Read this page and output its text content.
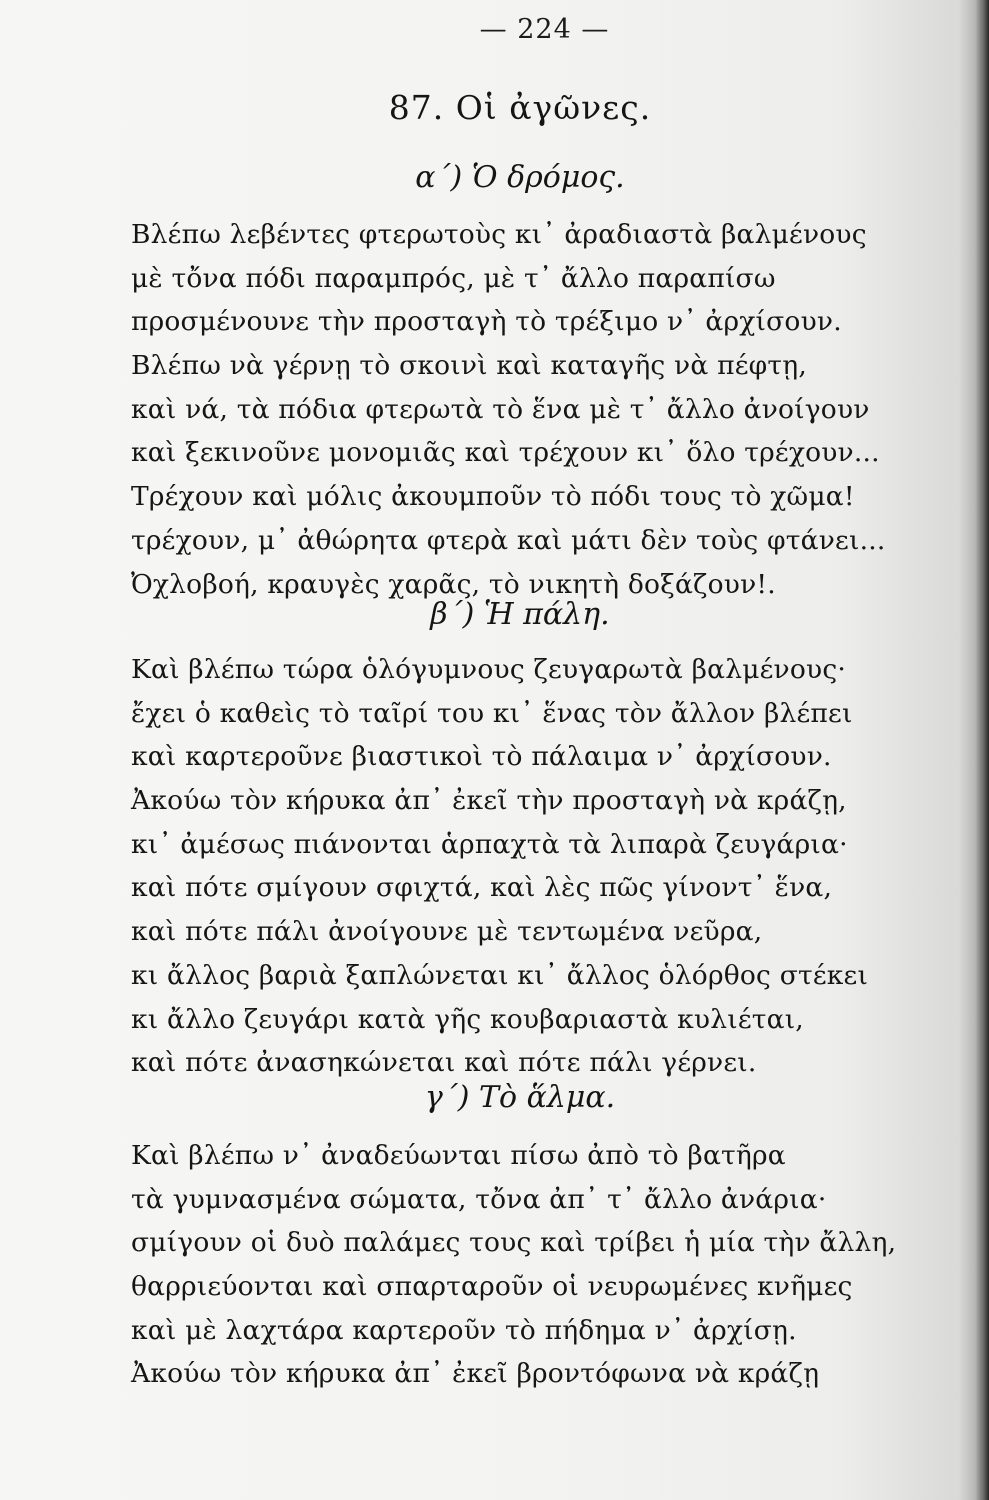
— 224 —
87. Οἱ ἀγῶνες.
α΄) Ὁ δρόμος.
Βλέπω λεβέντες φτερωτοὺς κι᾿ ἀραδιαστὰ βαλμένους
μὲ τὄνα πόδι παραμπρός, μὲ τ᾿ ἄλλο παραπίσω
προσμένουνε τὴν προσταγὴ τὸ τρέξιμο ν᾿ ἀρχίσουν.
Βλέπω νὰ γέρνῃ τὸ σκοινὶ καὶ καταγῆς νὰ πέφτῃ,
καὶ νά, τὰ πόδια φτερωτὰ τὸ ἕνα μὲ τ᾿ ἄλλο ἀνοίγουν
καὶ ξεκινοῦνε μονομιᾶς καὶ τρέχουν κι᾿ ὅλο τρέχουν...
Τρέχουν καὶ μόλις ἀκουμποῦν τὸ πόδι τους τὸ χῶμα!
τρέχουν, μ᾿ ἀθώρητα φτερὰ καὶ μάτι δὲν τοὺς φτάνει...
Ὀχλοβοή, κραυγὲς χαρᾶς, τὸ νικητὴ δοξάζουν!.
β΄) Ἡ πάλη.
Καὶ βλέπω τώρα ὁλόγυμνους ζευγαρωτὰ βαλμένους·
ἔχει ὁ καθεὶς τὸ ταῖρί του κι᾿ ἕνας τὸν ἄλλον βλέπει
καὶ καρτεροῦνε βιαστικοὶ τὸ πάλαιμα ν᾿ ἀρχίσουν.
Ἀκούω τὸν κήρυκα ἀπ᾿ ἐκεῖ τὴν προσταγὴ νὰ κράζῃ,
κι᾿ ἀμέσως πιάνονται ἁρπαχτὰ τὰ λιπαρὰ ζευγάρια·
καὶ πότε σμίγουν σφιχτά, καὶ λὲς πῶς γίνοντ᾿ ἕνα,
καὶ πότε πάλι ἀνοίγουνε μὲ τεντωμένα νεῦρα,
κι ἄλλος βαριὰ ξαπλώνεται κι᾿ ἄλλος ὁλόρθος στέκει
κι ἄλλο ζευγάρι κατὰ γῆς κουβαριαστὰ κυλιέται,
καὶ πότε ἀνασηκώνεται καὶ πότε πάλι γέρνει.
γ΄) Τὸ ἅλμα.
Καὶ βλέπω ν᾿ ἀναδεύωνται πίσω ἀπὸ τὸ βατῆρα
τὰ γυμνασμένα σώματα, τὄνα ἀπ᾿ τ᾿ ἄλλο ἀνάρια·
σμίγουν οἱ δυὸ παλάμες τους καὶ τρίβει ἡ μία τὴν ἄλλη,
θαρριεύονται καὶ σπαρταροῦν οἱ νευρωμένες κνῆμες
καὶ μὲ λαχτάρα καρτεροῦν τὸ πήδημα ν᾿ ἀρχίσῃ.
Ἀκούω τὸν κήρυκα ἀπ᾿ ἐκεῖ βροντόφωνα νὰ κράζῃ
